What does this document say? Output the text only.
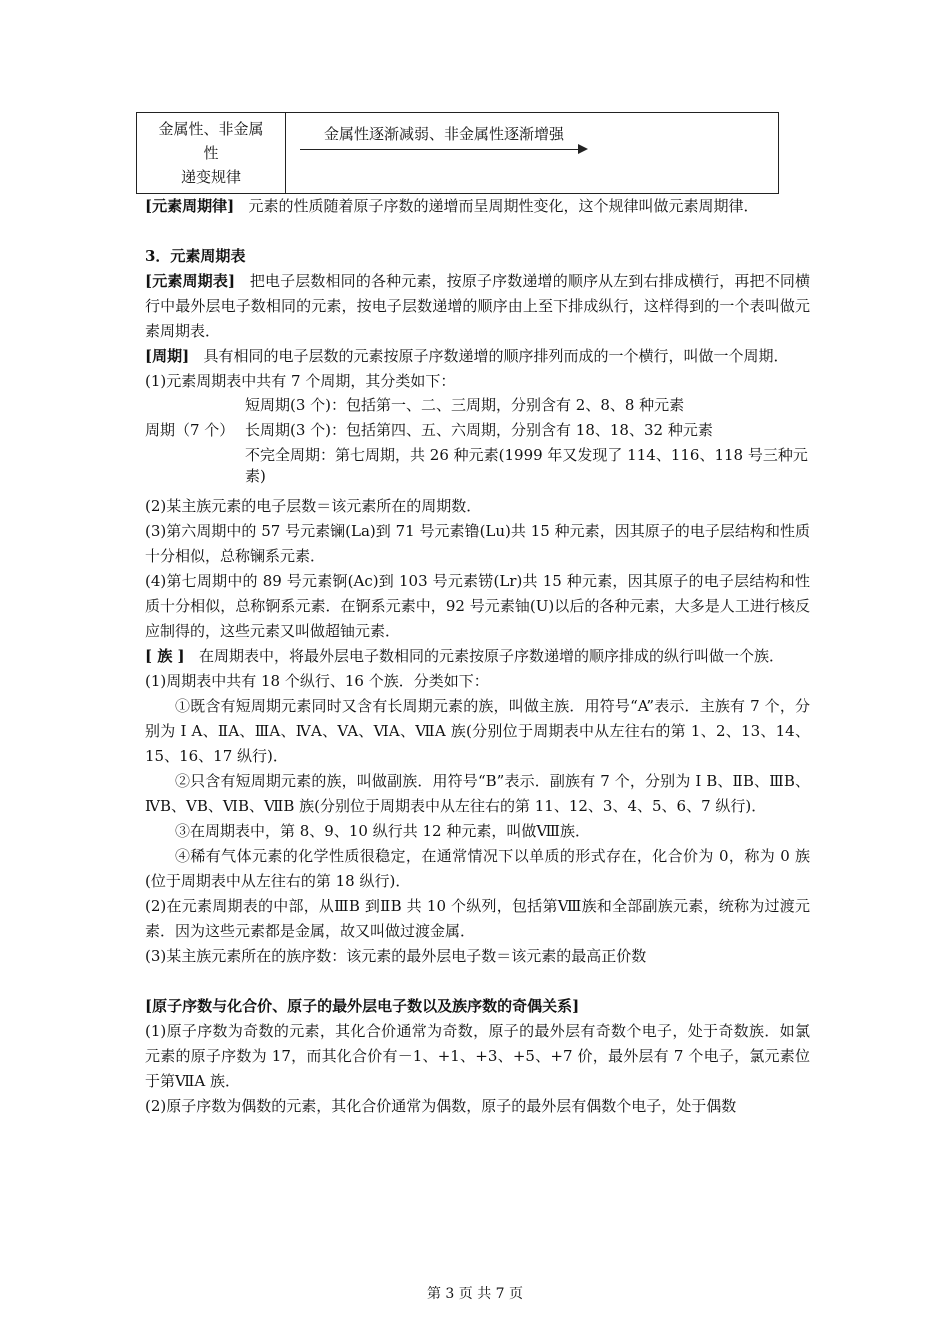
金属性、非金属
性
递变规律

金属性逐渐减弱、非金属性逐渐增强

[元素周期律] 元素的性质随着原子序数的递增而呈周期性变化，这个规律叫做元素周期律．

3．元素周期表

[元素周期表] 把电子层数相同的各种元素，按原子序数递增的顺序从左到右排成横行，再把不同横行中最外层电子数相同的元素，按电子层数递增的顺序由上至下排成纵行，这样得到的一个表叫做元素周期表．

[周期] 具有相同的电子层数的元素按原子序数递增的顺序排列而成的一个横行，叫做一个周期．

(1)元素周期表中共有 7 个周期，其分类如下：

周期（7 个）
短周期(3 个)：包括第一、二、三周期，分别含有 2、8、8 种元素
长周期(3 个)：包括第四、五、六周期，分别含有 18、18、32 种元素
不完全周期：第七周期，共 26 种元素(1999 年又发现了 114、116、118 号三种元素)

(2)某主族元素的电子层数＝该元素所在的周期数．

(3)第六周期中的 57 号元素镧(La)到 71 号元素镥(Lu)共 15 种元素，因其原子的电子层结构和性质十分相似，总称镧系元素．

(4)第七周期中的 89 号元素锕(Ac)到 103 号元素铹(Lr)共 15 种元素，因其原子的电子层结构和性质十分相似，总称锕系元素．在锕系元素中，92 号元素铀(U)以后的各种元素，大多是人工进行核反应制得的，这些元素又叫做超铀元素．

[ 族 ] 在周期表中，将最外层电子数相同的元素按原子序数递增的顺序排成的纵行叫做一个族．

(1)周期表中共有 18 个纵行、16 个族．分类如下：

①既含有短周期元素同时又含有长周期元素的族，叫做主族．用符号“A”表示．主族有 7 个，分别为 I A、ⅡA、ⅢA、ⅣA、VA、ⅥA、ⅦA 族(分别位于周期表中从左往右的第 1、2、13、14、15、16、17 纵行)．

②只含有短周期元素的族，叫做副族．用符号“B”表示．副族有 7 个，分别为 I B、ⅡB、ⅢB、ⅣB、VB、ⅥB、ⅦB 族(分别位于周期表中从左往右的第 11、12、3、4、5、6、7 纵行)．

③在周期表中，第 8、9、10 纵行共 12 种元素，叫做Ⅷ族．

④稀有气体元素的化学性质很稳定，在通常情况下以单质的形式存在，化合价为 0，称为 0 族(位于周期表中从左往右的第 18 纵行)．

(2)在元素周期表的中部，从ⅢB 到ⅡB 共 10 个纵列，包括第Ⅷ族和全部副族元素，统称为过渡元素．因为这些元素都是金属，故又叫做过渡金属．

(3)某主族元素所在的族序数：该元素的最外层电子数＝该元素的最高正价数

[原子序数与化合价、原子的最外层电子数以及族序数的奇偶关系]

(1)原子序数为奇数的元素，其化合价通常为奇数，原子的最外层有奇数个电子，处于奇数族．如氯元素的原子序数为 17，而其化合价有－1、+1、+3、+5、+7 价，最外层有 7 个电子，氯元素位于第ⅦA 族．

(2)原子序数为偶数的元素，其化合价通常为偶数，原子的最外层有偶数个电子，处于偶数

第 3 页 共 7 页
